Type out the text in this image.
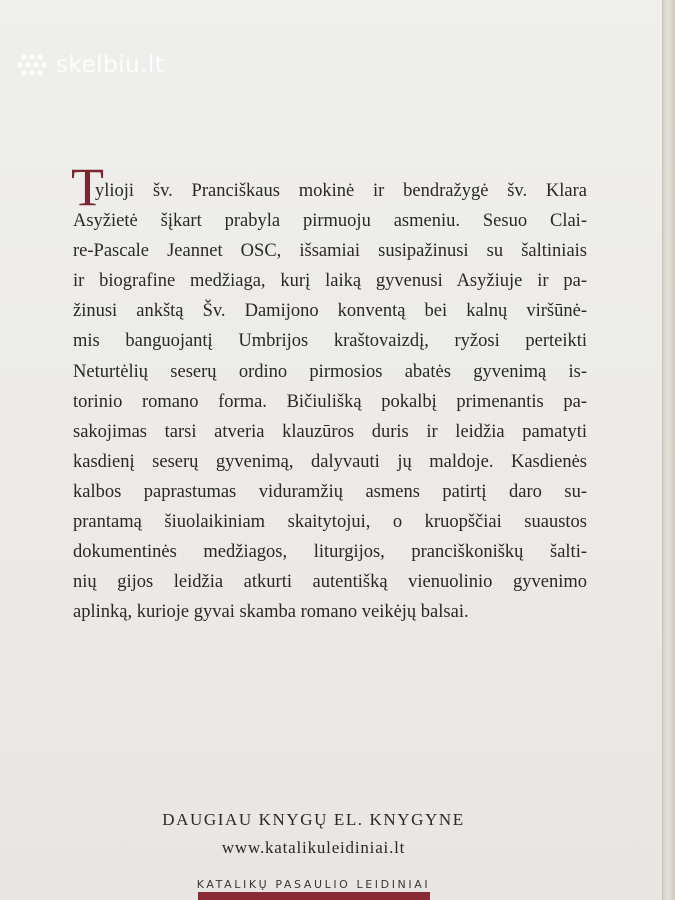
skelbiu.lt
T
ylioji šv. Pranciškaus mokinė ir bendražygė šv. Klara
Asyžietė šįkart prabyla pirmuoju asmeniu. Sesuo Clai-
re-Pascale Jeannet OSC, išsamiai susipažinusi su šaltiniais
ir biografine medžiaga, kurį laiką gyvenusi Asyžiuje ir pa-
žinusi ankštą Šv. Damijono konventą bei kalnų viršūnė-
mis banguojantį Umbrijos kraštovaizdį, ryžosi perteikti
Neturtėlių seserų ordino pirmosios abatės gyvenimą is-
torinio romano forma. Bičiulišką pokalbį primenantis pa-
sakojimas tarsi atveria klauzūros duris ir leidžia pamatyti
kasdienį seserų gyvenimą, dalyvauti jų maldoje. Kasdienės
kalbos paprastumas viduramžių asmens patirtį daro su-
prantamą šiuolaikiniam skaitytojui, o kruopščiai suaustos
dokumentinės medžiagos, liturgijos, pranciškoniškų šalti-
nių gijos leidžia atkurti autentišką vienuolinio gyvenimo
aplinką, kurioje gyvai skamba romano veikėjų balsai.
DAUGIAU KNYGŲ EL. KNYGYNE
www.katalikuleidiniai.lt
KATALIKŲ PASAULIO LEIDINIAI
